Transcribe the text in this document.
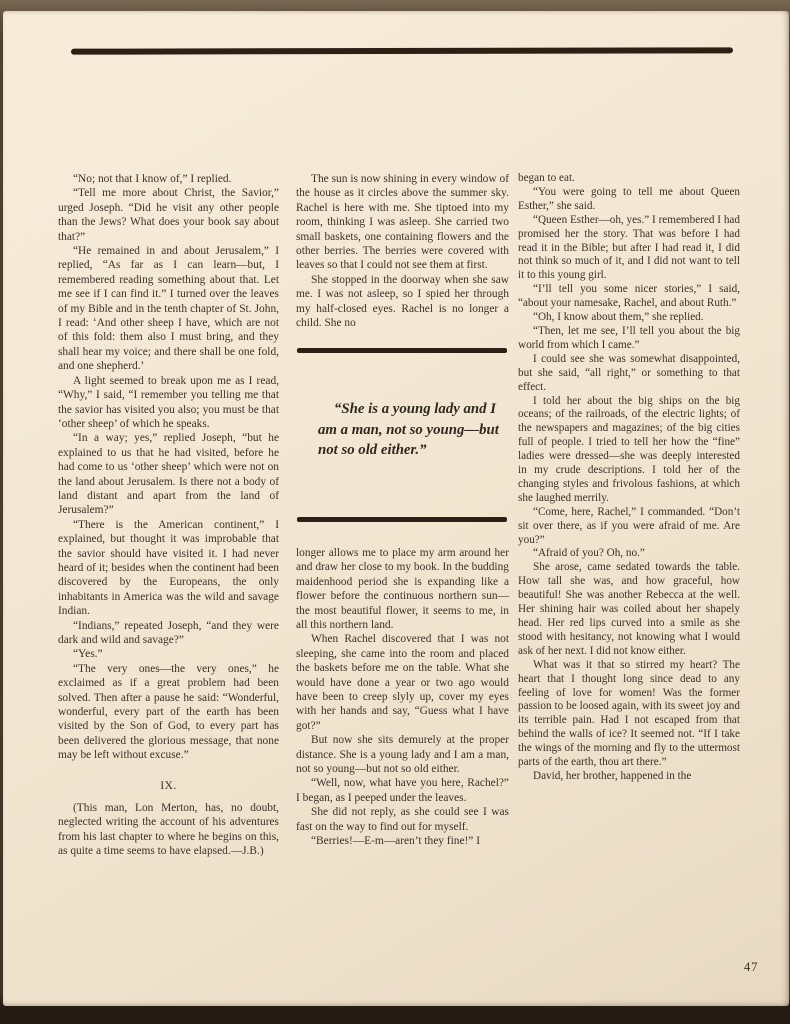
“No; not that I know of,” I replied.

“Tell me more about Christ, the Savior,” urged Joseph. “Did he visit any other people than the Jews? What does your book say about that?”

“He remained in and about Jerusalem,” I replied, “As far as I can learn—but, I remembered reading something about that. Let me see if I can find it.” I turned over the leaves of my Bible and in the tenth chapter of St. John, I read: ‘And other sheep I have, which are not of this fold: them also I must bring, and they shall hear my voice; and there shall be one fold, and one shepherd.’

A light seemed to break upon me as I read, “Why,” I said, “I remember you telling me that the savior has visited you also; you must be that ‘other sheep’ of which he speaks.

“In a way; yes,” replied Joseph, “but he explained to us that he had visited, before he had come to us ‘other sheep’ which were not on the land about Jerusalem. Is there not a body of land distant and apart from the land of Jerusalem?”

“There is the American continent,” I explained, but thought it was improbable that the savior should have visited it. I had never heard of it; besides when the continent had been discovered by the Europeans, the only inhabitants in America was the wild and savage Indian.

“Indians,” repeated Joseph, “and they were dark and wild and savage?”

“Yes.”

“The very ones—the very ones,” he exclaimed as if a great problem had been solved. Then after a pause he said: “Wonderful, wonderful, every part of the earth has been visited by the Son of God, to every part has been delivered the glorious message, that none may be left without excuse.”

IX.

(This man, Lon Merton, has, no doubt, neglected writing the account of his adventures from his last chapter to where he begins on this, as quite a time seems to have elapsed.—J.B.)

The sun is now shining in every window of the house as it circles above the summer sky. Rachel is here with me. She tiptoed into my room, thinking I was asleep. She carried two small baskets, one containing flowers and the other berries. The berries were covered with leaves so that I could not see them at first.

She stopped in the doorway when she saw me. I was not asleep, so I spied her through my half-closed eyes. Rachel is no longer a child. She no

“She is a young lady and I am a man, not so young—but not so old either.”

longer allows me to place my arm around her and draw her close to my book. In the budding maidenhood period she is expanding like a flower before the continuous northern sun—the most beautiful flower, it seems to me, in all this northern land.

When Rachel discovered that I was not sleeping, she came into the room and placed the baskets before me on the table. What she would have done a year or two ago would have been to creep slyly up, cover my eyes with her hands and say, “Guess what I have got?”

But now she sits demurely at the proper distance. She is a young lady and I am a man, not so young—but not so old either.

“Well, now, what have you here, Rachel?” I began, as I peeped under the leaves.

She did not reply, as she could see I was fast on the way to find out for myself.

“Berries!—E-m—aren’t they fine!” I

began to eat.

“You were going to tell me about Queen Esther,” she said.

“Queen Esther—oh, yes.” I remembered I had promised her the story. That was before I had read it in the Bible; but after I had read it, I did not think so much of it, and I did not want to tell it to this young girl.

“I’ll tell you some nicer stories,” I said, “about your namesake, Rachel, and about Ruth.”

“Oh, I know about them,” she replied.

“Then, let me see, I’ll tell you about the big world from which I came.”

I could see she was somewhat disappointed, but she said, “all right,” or something to that effect.

I told her about the big ships on the big oceans; of the railroads, of the electric lights; of the newspapers and magazines; of the big cities full of people. I tried to tell her how the “fine” ladies were dressed—she was deeply interested in my crude descriptions. I told her of the changing styles and frivolous fashions, at which she laughed merrily.

“Come, here, Rachel,” I commanded. “Don’t sit over there, as if you were afraid of me. Are you?”

“Afraid of you? Oh, no.”

She arose, came sedated towards the table. How tall she was, and how graceful, how beautiful! She was another Rebecca at the well. Her shining hair was coiled about her shapely head. Her red lips curved into a smile as she stood with hesitancy, not knowing what I would ask of her next. I did not know either.

What was it that so stirred my heart? The heart that I thought long since dead to any feeling of love for women! Was the former passion to be loosed again, with its sweet joy and its terrible pain. Had I not escaped from that behind the walls of ice? It seemed not. “If I take the wings of the morning and fly to the uttermost parts of the earth, thou art there.”

David, her brother, happened in the

47
